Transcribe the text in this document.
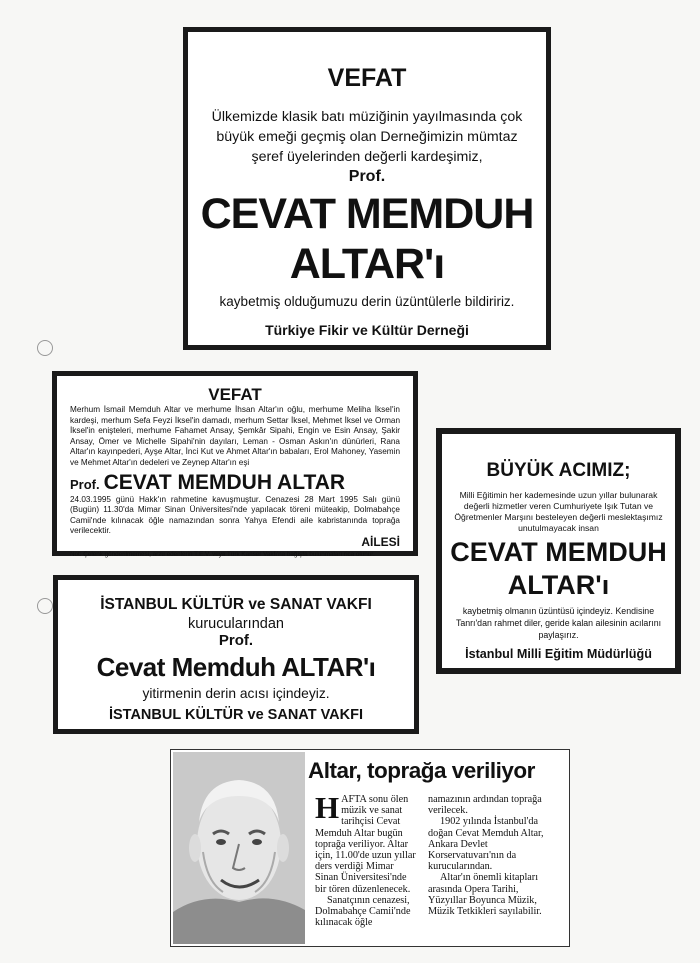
VEFAT
Ülkemizde klasik batı müziğinin yayılmasında çok büyük emeği geçmiş olan Derneğimizin mümtaz şeref üyelerinden değerli kardeşimiz,
Prof.
CEVAT MEMDUH
ALTAR'ı
kaybetmiş olduğumuzu derin üzüntülerle bildiririz.
Türkiye Fikir ve Kültür Derneği
VEFAT

Merhum İsmail Memduh Altar ve merhume İhsan Altar'ın oğlu, merhume Meliha İkseI'in kardeşi, merhum Sefa Feyzi İksel'in damadı, merhum Settar İksel, Mehmet İksel ve Orman İksel'in enişteleri, merhume Fahamet Ansay, Şemkâr Sipahi, Engin ve Esin Ansay, Şakir Ansay, Ömer ve Michelle Sipahi'nin dayıları, Leman - Osman Askın'ın dünürleri, Rana Altar'ın kayınpederi, Ayşe Altar, İnci Kut ve Ahmet Altar'ın babaları, Erol Mahoney, Yasemin ve Mehmet Altar'ın dedeleri ve Zeynep Altar'ın eşi

Prof. CEVAT MEMDUH ALTAR

24.03.1995 günü Hakk'ın rahmetine kavuşmuştur. Cenazesi 28 Mart 1995 Salı günü (Bugün) 11.30'da Mimar Sinan Üniversitesi'nde yapılacak töreni müteakip, Dolmabahçe Camii'nde kılınacak öğle namazından sonra Yahya Efendi aile kabristanında toprağa verilecektir.

AİLESİ
Not: Çelenk gönderilmemesi, arzu edenlerin T.E.V. veya Türk Kanser Vakfı'na bağışta bulunmaları rica olunur.
BÜYÜK ACIMIZ;
Milli Eğitimin her kademesinde uzun yıllar bulunarak değerli hizmetler veren Cumhuriyete Işık Tutan ve Öğretmenler Marşını besteleyen değerli meslektaşımız unutulmayacak insan
CEVAT MEMDUH
ALTAR'ı
kaybetmiş olmanın üzüntüsü içindeyiz. Kendisine Tanrı'dan rahmet diler, geride kalan ailesinin acılarını paylaşırız.
İstanbul Milli Eğitim Müdürlüğü
İSTANBUL KÜLTÜR ve SANAT VAKFI
kurucularından
Prof.
Cevat Memduh ALTAR'ı
yitirmenin derin acısı içindeyiz.
İSTANBUL KÜLTÜR ve SANAT VAKFI
Altar, toprağa veriliyor
H AFTA sonu ölen müzik ve sanat tarihçisi Cevat Memduh Altar bugün toprağa veriliyor. Altar için, 11.00'de uzun yıllar ders verdiği Mimar Sinan Üniversitesi'nde bir tören düzenlenecek.

Sanatçının cenazesi, Dolmabahçe Camii'nde kılınacak öğle

namazının ardından toprağa verilecek.

1902 yılında İstanbul'da doğan Cevat Memduh Altar, Ankara Devlet Korservatuvarı'nın da kurucularından.

Altar'ın önemli kitapları arasında Opera Tarihi, Yüzyıllar Boyunca Müzik, Müzik Tetkikleri sayılabilir.
